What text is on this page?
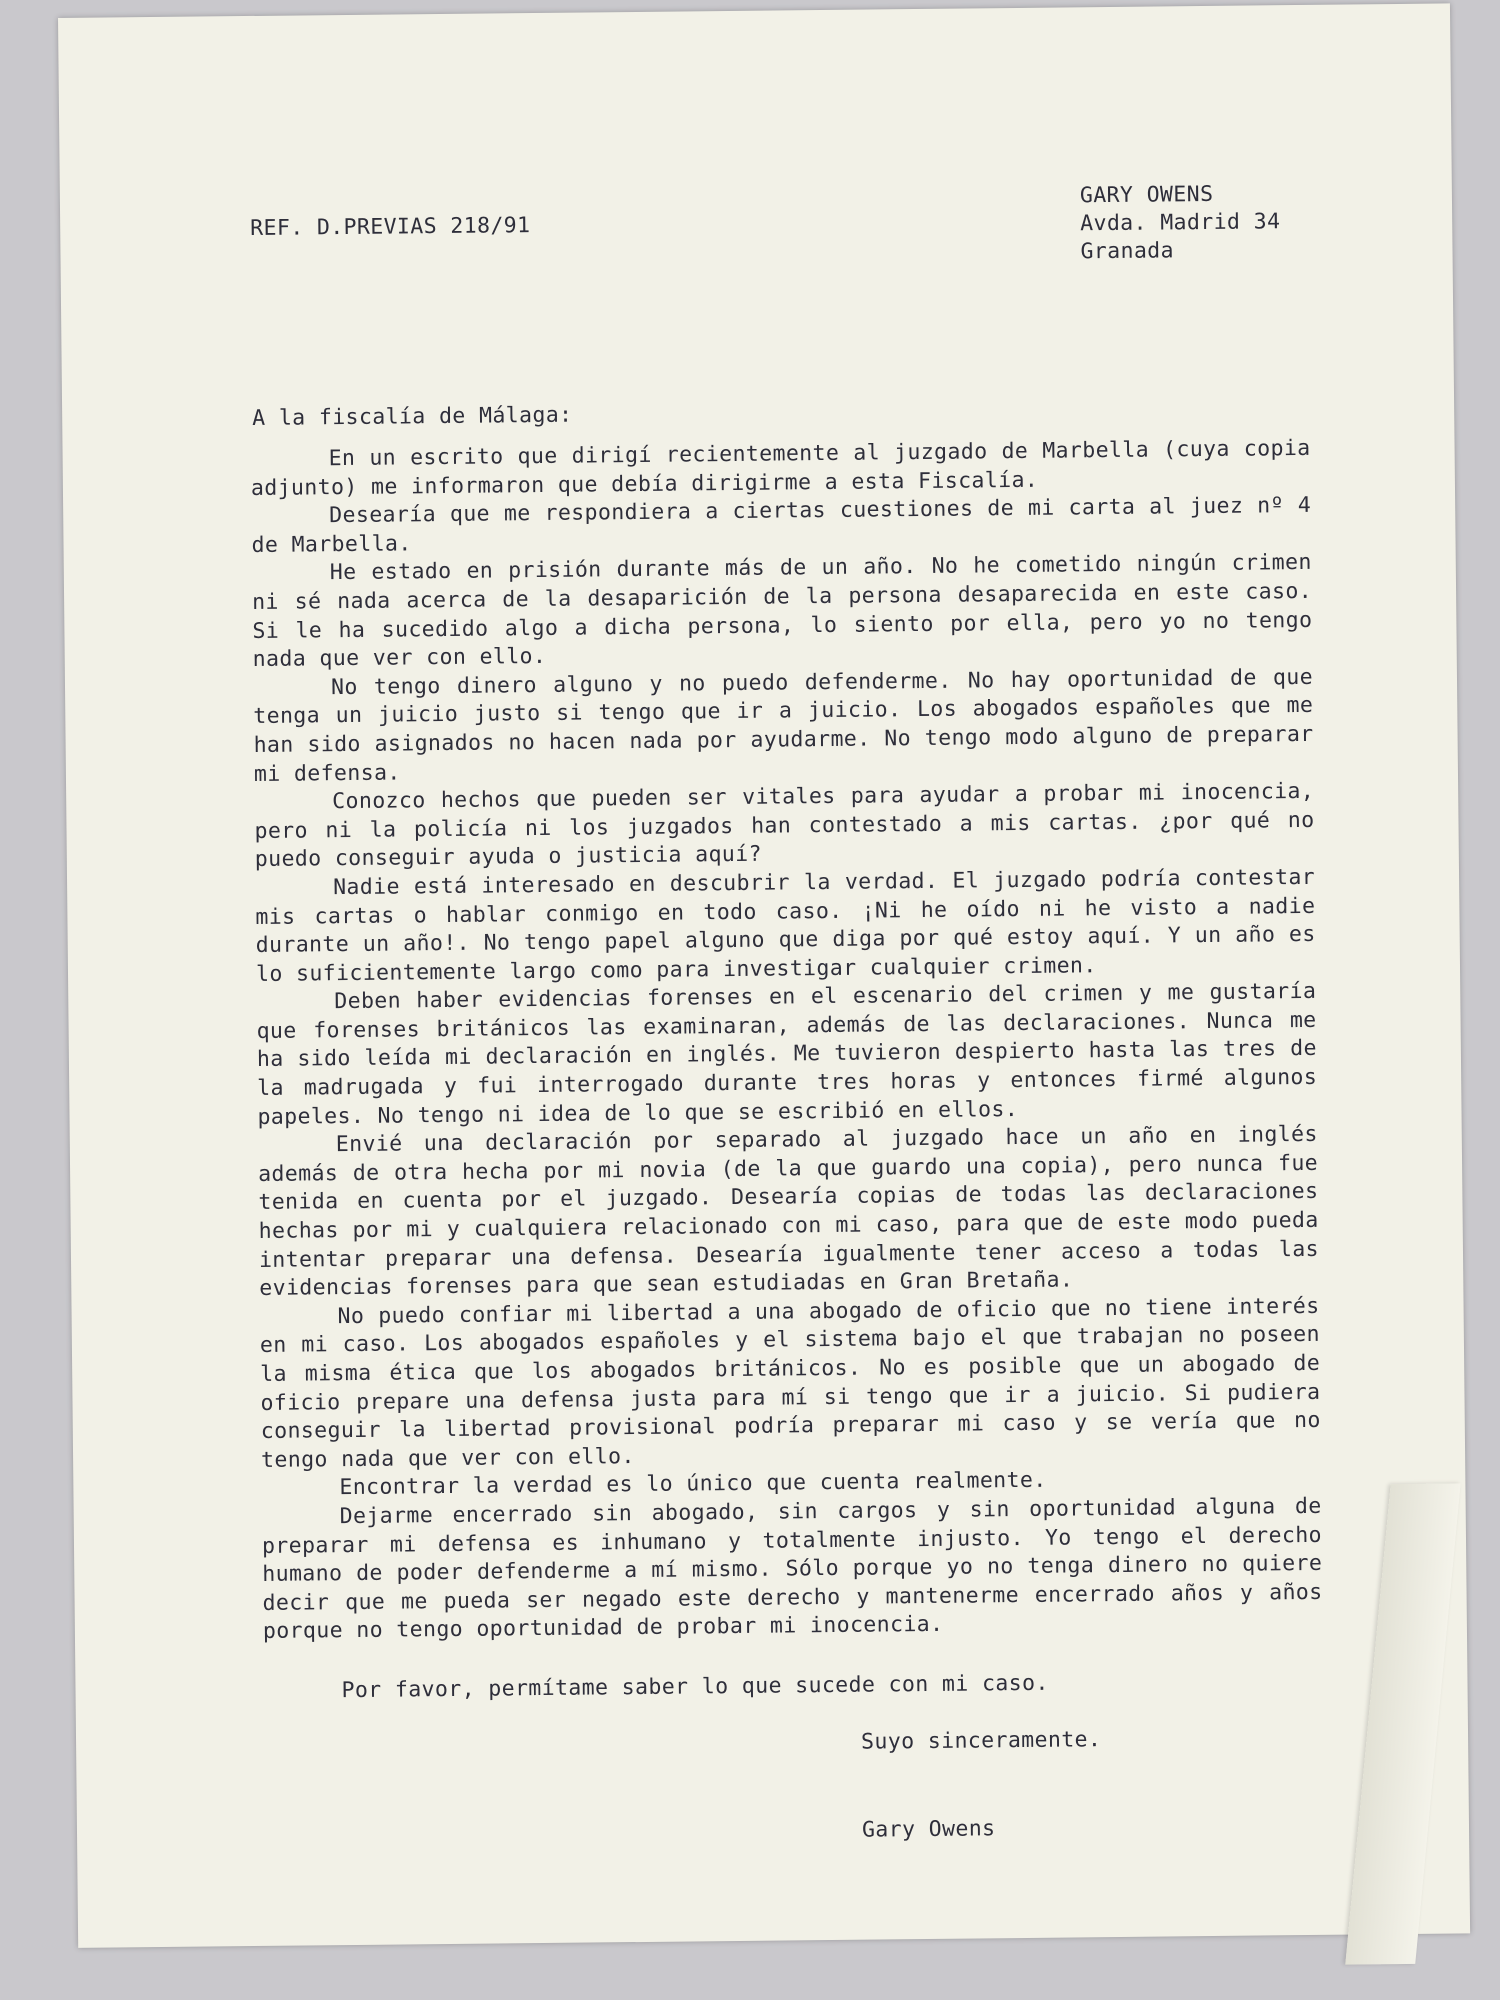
REF. D.PREVIAS 218/91
GARY OWENS
Avda. Madrid 34
Granada
A la fiscalía de Málaga:

En un escrito que dirigí recientemente al juzgado de Marbella (cuya copia adjunto) me informaron que debía dirigirme a esta Fiscalía.

Desearía que me respondiera a ciertas cuestiones de mi carta al juez nº 4 de Marbella.

He estado en prisión durante más de un año. No he cometido ningún crimen ni sé nada acerca de la desaparición de la persona desaparecida en este caso. Si le ha sucedido algo a dicha persona, lo siento por ella, pero yo no tengo nada que ver con ello.

No tengo dinero alguno y no puedo defenderme. No hay oportunidad de que tenga un juicio justo si tengo que ir a juicio. Los abogados españoles que me han sido asignados no hacen nada por ayudarme. No tengo modo alguno de preparar mi defensa.

Conozco hechos que pueden ser vitales para ayudar a probar mi inocencia, pero ni la policía ni los juzgados han contestado a mis cartas. ¿por qué no puedo conseguir ayuda o justicia aquí?

Nadie está interesado en descubrir la verdad. El juzgado podría contestar mis cartas o hablar conmigo en todo caso. ¡Ni he oído ni he visto a nadie durante un año!. No tengo papel alguno que diga por qué estoy aquí. Y un año es lo suficientemente largo como para investigar cualquier crimen.

Deben haber evidencias forenses en el escenario del crimen y me gustaría que forenses británicos las examinaran, además de las declaraciones. Nunca me ha sido leída mi declaración en inglés. Me tuvieron despierto hasta las tres de la madrugada y fui interrogado durante tres horas y entonces firmé algunos papeles. No tengo ni idea de lo que se escribió en ellos.

Envié una declaración por separado al juzgado hace un año en inglés además de otra hecha por mi novia (de la que guardo una copia), pero nunca fue tenida en cuenta por el juzgado. Desearía copias de todas las declaraciones hechas por mi y cualquiera relacionado con mi caso, para que de este modo pueda intentar preparar una defensa. Desearía igualmente tener acceso a todas las evidencias forenses para que sean estudiadas en Gran Bretaña.

No puedo confiar mi libertad a una abogado de oficio que no tiene interés en mi caso. Los abogados españoles y el sistema bajo el que trabajan no poseen la misma ética que los abogados británicos. No es posible que un abogado de oficio prepare una defensa justa para mí si tengo que ir a juicio. Si pudiera conseguir la libertad provisional podría preparar mi caso y se vería que no tengo nada que ver con ello.

Encontrar la verdad es lo único que cuenta realmente.

Dejarme encerrado sin abogado, sin cargos y sin oportunidad alguna de preparar mi defensa es inhumano y totalmente injusto. Yo tengo el derecho humano de poder defenderme a mí mismo. Sólo porque yo no tenga dinero no quiere decir que me pueda ser negado este derecho y mantenerme encerrado años y años porque no tengo oportunidad de probar mi inocencia.

Por favor, permítame saber lo que sucede con mi caso.
Suyo sinceramente.
Gary Owens
